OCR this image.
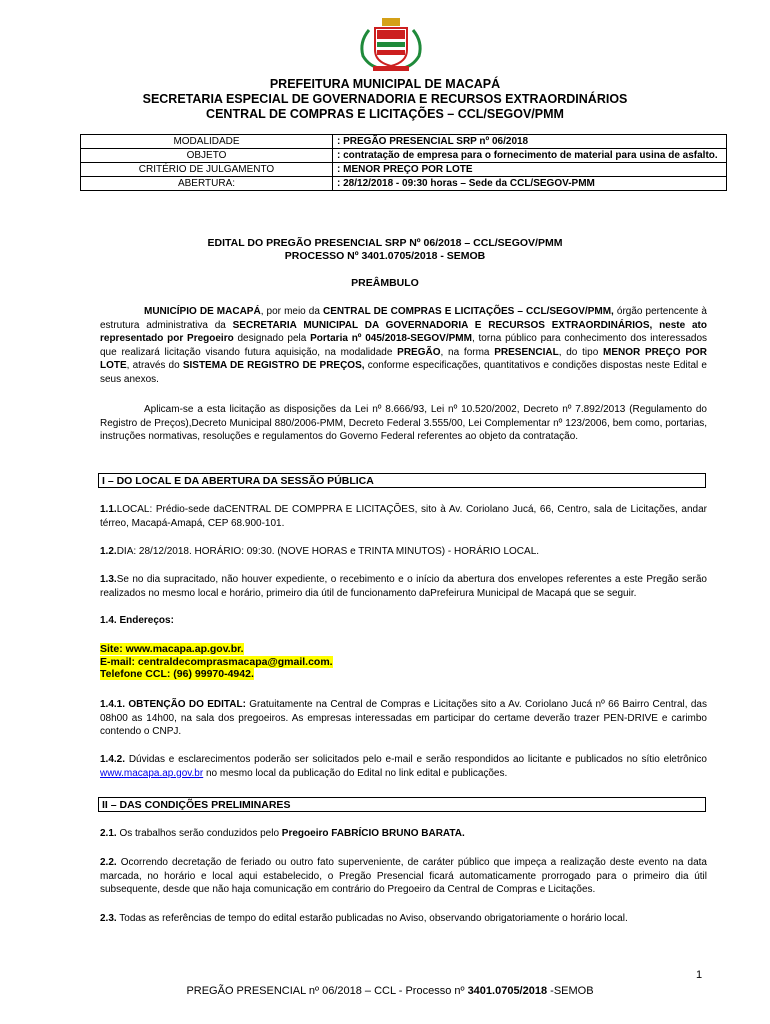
PREFEITURA MUNICIPAL DE MACAPÁ
SECRETARIA ESPECIAL DE GOVERNADORIA E RECURSOS EXTRAORDINÁRIOS
CENTRAL DE COMPRAS E LICITAÇÕES – CCL/SEGOV/PMM
MODALIDADE	: PREGÃO PRESENCIAL SRP nº 06/2018
OBJETO	: contratação de empresa para o fornecimento de material para usina de asfalto.
CRITÉRIO DE JULGAMENTO	: MENOR PREÇO POR LOTE
ABERTURA:	: 28/12/2018 - 09:30 horas – Sede da CCL/SEGOV-PMM
EDITAL DO PREGÃO PRESENCIAL SRP Nº 06/2018 – CCL/SEGOV/PMM
PROCESSO Nº 3401.0705/2018 - SEMOB
PREÂMBULO
MUNICÍPIO DE MACAPÁ, por meio da CENTRAL DE COMPRAS E LICITAÇÕES – CCL/SEGOV/PMM, órgão pertencente à estrutura administrativa da SECRETARIA MUNICIPAL DA GOVERNADORIA E RECURSOS EXTRAORDINÁRIOS, neste ato representado por Pregoeiro designado pela Portaria nº 045/2018-SEGOV/PMM, torna público para conhecimento dos interessados que realizará licitação visando futura aquisição, na modalidade PREGÃO, na forma PRESENCIAL, do tipo MENOR PREÇO POR LOTE, através do SISTEMA DE REGISTRO DE PREÇOS, conforme especificações, quantitativos e condições dispostas neste Edital e seus anexos.
Aplicam-se a esta licitação as disposições da Lei nº 8.666/93, Lei nº 10.520/2002, Decreto nº 7.892/2013 (Regulamento do Registro de Preços),Decreto Municipal 880/2006-PMM, Decreto Federal 3.555/00, Lei Complementar nº 123/2006, bem como, portarias, instruções normativas, resoluções e regulamentos do Governo Federal referentes ao objeto da contratação.
I – DO LOCAL E DA ABERTURA DA SESSÃO PÚBLICA
1.1.LOCAL: Prédio-sede daCENTRAL DE COMPPRA E LICITAÇÕES, sito à Av. Coriolano Jucá, 66, Centro, sala de Licitações, andar térreo, Macapá-Amapá, CEP 68.900-101.
1.2.DIA: 28/12/2018. HORÁRIO: 09:30. (NOVE HORAS e TRINTA MINUTOS) - HORÁRIO LOCAL.
1.3.Se no dia supracitado, não houver expediente, o recebimento e o início da abertura dos envelopes referentes a este Pregão serão realizados no mesmo local e horário, primeiro dia útil de funcionamento daPrefeirura Municipal de Macapá que se seguir.
1.4. Endereços:
Site: www.macapa.ap.gov.br.
E-mail: centraldecomprasmacapa@gmail.com.
Telefone CCL: (96) 99970-4942.
1.4.1. OBTENÇÃO DO EDITAL: Gratuitamente na Central de Compras e Licitações sito a Av. Coriolano Jucá nº 66 Bairro Central, das 08h00 as 14h00, na sala dos pregoeiros. As empresas interessadas em participar do certame deverão trazer PEN-DRIVE e carimbo contendo o CNPJ.
1.4.2. Dúvidas e esclarecimentos poderão ser solicitados pelo e-mail e serão respondidos ao licitante e publicados no sítio eletrônico www.macapa.ap.gov.br no mesmo local da publicação do Edital no link edital e publicações.
II – DAS CONDIÇÕES PRELIMINARES
2.1. Os trabalhos serão conduzidos pelo Pregoeiro FABRÍCIO BRUNO BARATA.
2.2. Ocorrendo decretação de feriado ou outro fato superveniente, de caráter público que impeça a realização deste evento na data marcada, no horário e local aqui estabelecido, o Pregão Presencial ficará automaticamente prorrogado para o primeiro dia útil subsequente, desde que não haja comunicação em contrário do Pregoeiro da Central de Compras e Licitações.
2.3. Todas as referências de tempo do edital estarão publicadas no Aviso, observando obrigatoriamente o horário local.
1
PREGÃO PRESENCIAL nº 06/2018 – CCL - Processo nº 3401.0705/2018 -SEMOB
